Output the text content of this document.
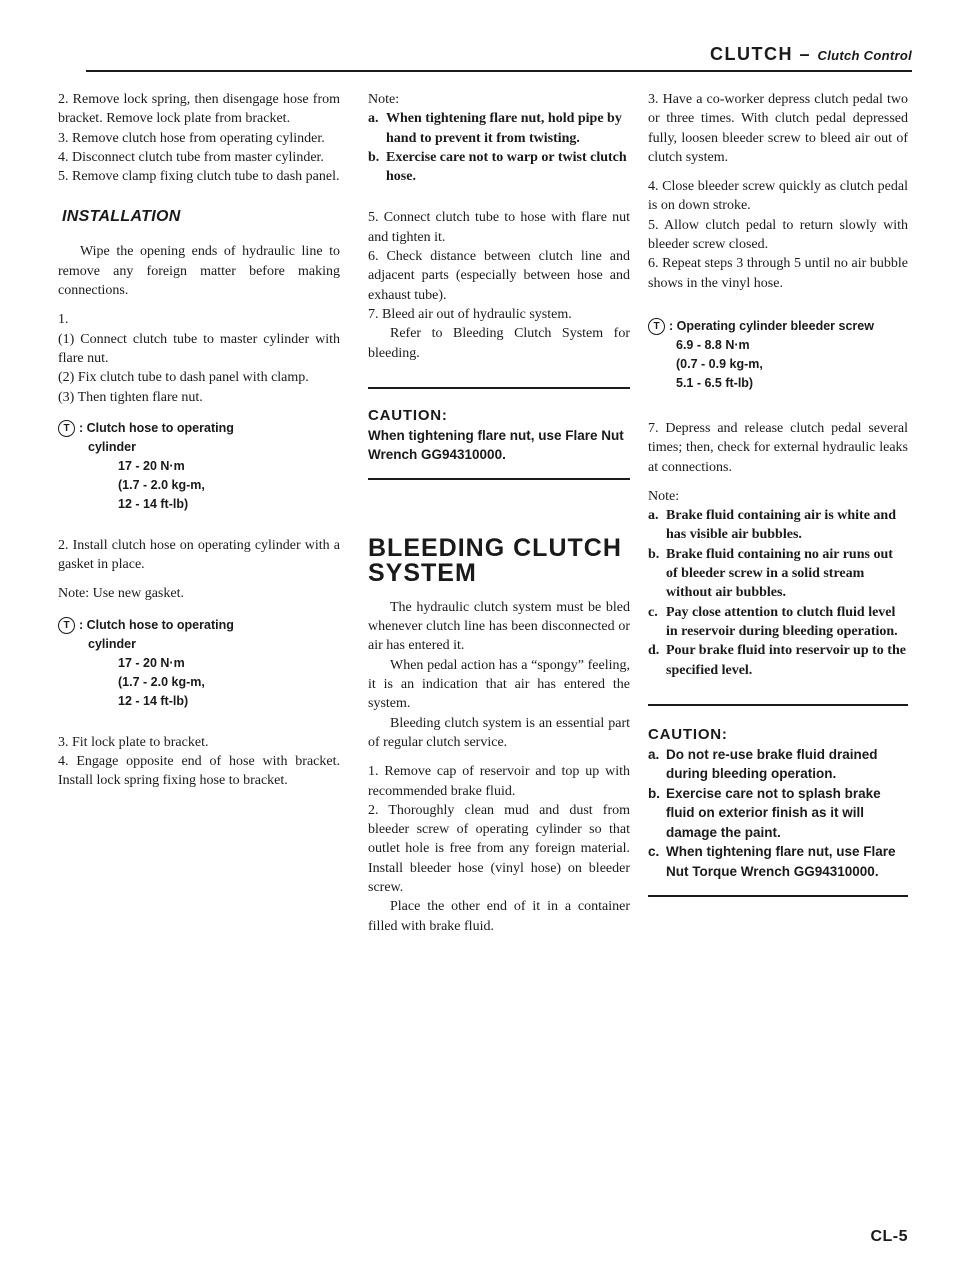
CLUTCH – Clutch Control

2. Remove lock spring, then disengage hose from bracket. Remove lock plate from bracket.

3. Remove clutch hose from operating cylinder.

4. Disconnect clutch tube from master cylinder.

5. Remove clamp fixing clutch tube to dash panel.

INSTALLATION

Wipe the opening ends of hydraulic line to remove any foreign matter before making connections.

1.

(1) Connect clutch tube to master cylinder with flare nut.

(2) Fix clutch tube to dash panel with clamp.

(3) Then tighten flare nut.

T : Clutch hose to operating
cylinder
17 - 20 N·m
(1.7 - 2.0 kg-m,
12 - 14 ft-lb)

2. Install clutch hose on operating cylinder with a gasket in place.

Note: Use new gasket.

T : Clutch hose to operating
cylinder
17 - 20 N·m
(1.7 - 2.0 kg-m,
12 - 14 ft-lb)

3. Fit lock plate to bracket.

4. Engage opposite end of hose with bracket. Install lock spring fixing hose to bracket.

Note:

a. When tightening flare nut, hold pipe by hand to prevent it from twisting.
b. Exercise care not to warp or twist clutch hose.

5. Connect clutch tube to hose with flare nut and tighten it.

6. Check distance between clutch line and adjacent parts (especially between hose and exhaust tube).

7. Bleed air out of hydraulic system.

Refer to Bleeding Clutch System for bleeding.

CAUTION:
When tightening flare nut, use Flare Nut Wrench GG94310000.
BLEEDING CLUTCH
SYSTEM

The hydraulic clutch system must be bled whenever clutch line has been disconnected or air has entered it.

When pedal action has a “spongy” feeling, it is an indication that air has entered the system.

Bleeding clutch system is an essential part of regular clutch service.

1. Remove cap of reservoir and top up with recommended brake fluid.

2. Thoroughly clean mud and dust from bleeder screw of operating cylinder so that outlet hole is free from any foreign material. Install bleeder hose (vinyl hose) on bleeder screw.

Place the other end of it in a container filled with brake fluid.

3. Have a co-worker depress clutch pedal two or three times. With clutch pedal depressed fully, loosen bleeder screw to bleed air out of clutch system.

4. Close bleeder screw quickly as clutch pedal is on down stroke.

5. Allow clutch pedal to return slowly with bleeder screw closed.

6. Repeat steps 3 through 5 until no air bubble shows in the vinyl hose.

T : Operating cylinder bleeder screw
6.9 - 8.8 N·m
(0.7 - 0.9 kg-m,
5.1 - 6.5 ft-lb)

7. Depress and release clutch pedal several times; then, check for external hydraulic leaks at connections.

Note:

a. Brake fluid containing air is white and has visible air bubbles.
b. Brake fluid containing no air runs out of bleeder screw in a solid stream without air bubbles.
c. Pay close attention to clutch fluid level in reservoir during bleeding operation.
d. Pour brake fluid into reservoir up to the specified level.
CAUTION:
a. Do not re-use brake fluid drained during bleeding operation.
b. Exercise care not to splash brake fluid on exterior finish as it will damage the paint.
c. When tightening flare nut, use Flare Nut Torque Wrench GG94310000.
CL-5
